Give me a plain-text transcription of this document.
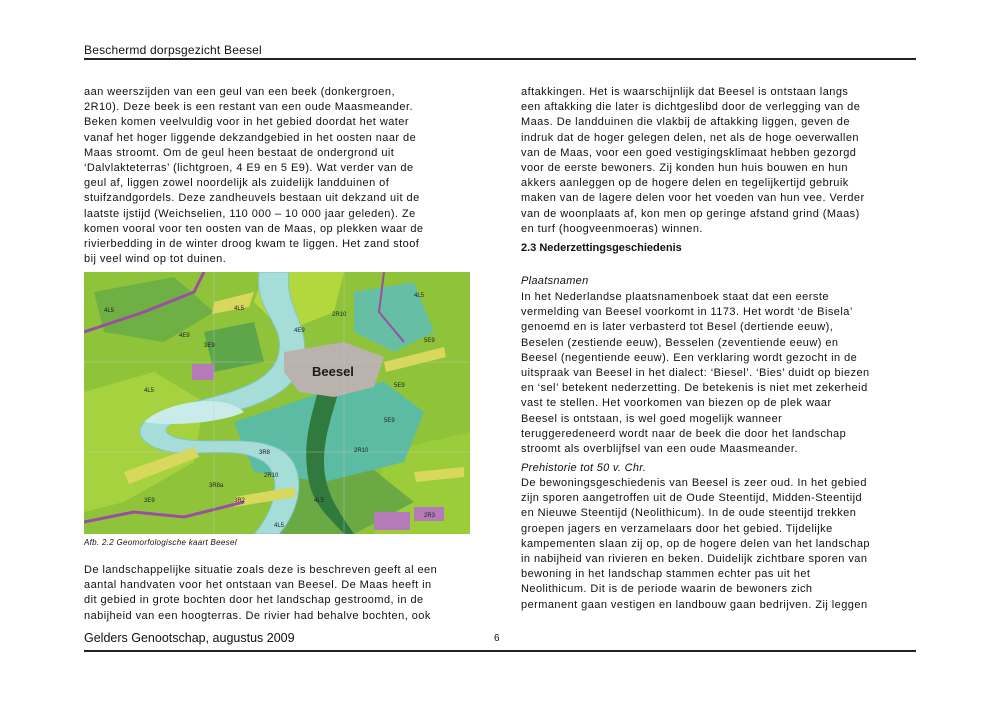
Beschermd dorpsgezicht Beesel

aan weerszijden van een geul van een beek (donkergroen,
2R10). Deze beek is een restant van een oude Maasmeander.
Beken komen veelvuldig voor in het gebied doordat het water
vanaf het hoger liggende dekzandgebied in het oosten naar de
Maas stroomt. Om de geul heen bestaat de ondergrond uit
‘Dalvlakteterras’ (lichtgroen, 4 E9 en 5 E9). Wat verder van de
geul af, liggen zowel noordelijk als zuidelijk landduinen of
stuifzandgordels. Deze zandheuvels bestaan uit dekzand uit de
laatste ijstijd (Weichselien, 110 000 – 10 000 jaar geleden). Ze
komen vooral voor ten oosten van de Maas, op plekken waar de
rivierbedding in de winter droog kwam te liggen. Het zand stoof
bij veel wind op tot duinen.

Beesel
4L5
2R10
4E9
5E9
3R8
4L5
3R2
2R10
3E9
4L5
2R10
4L5
5E9
4E9
3R8a
4L5
5E9
2R3
3E9	4L5
Afb. 2.2 Geomorfologische kaart Beesel

De landschappelijke situatie zoals deze is beschreven geeft al een
aantal handvaten voor het ontstaan van Beesel. De Maas heeft in
dit gebied in grote bochten door het landschap gestroomd, in de
nabijheid van een hoogterras. De rivier had behalve bochten, ook

aftakkingen. Het is waarschijnlijk dat Beesel is ontstaan langs
een aftakking die later is dichtgeslibd door de verlegging van de
Maas. De landduinen die vlakbij de aftakking liggen, geven de
indruk dat de hoger gelegen delen, net als de hoge oeverwallen
van de Maas, voor een goed vestigingsklimaat hebben gezorgd
voor de eerste bewoners. Zij konden hun huis bouwen en hun
akkers aanleggen op de hogere delen en tegelijkertijd gebruik
maken van de lagere delen voor het voeden van hun vee. Verder
van de woonplaats af, kon men op geringe afstand grind (Maas)
en turf (hoogveenmoeras) winnen.

2.3 Nederzettingsgeschiedenis
Plaatsnamen

In het Nederlandse plaatsnamenboek staat dat een eerste
vermelding van Beesel voorkomt in 1173. Het wordt ‘de Bisela’
genoemd en is later verbasterd tot Besel (dertiende eeuw),
Beselen (zestiende eeuw), Besselen (zeventiende eeuw) en
Beesel (negentiende eeuw). Een verklaring wordt gezocht in de
uitspraak van Beesel in het dialect: ‘Biesel’. ‘Bies’ duidt op biezen
en ‘sel’ betekent nederzetting. De betekenis is niet met zekerheid
vast te stellen. Het voorkomen van biezen op de plek waar
Beesel is ontstaan, is wel goed mogelijk wanneer
teruggeredeneerd wordt naar de beek die door het landschap
stroomt als overblijfsel van een oude Maasmeander.

Prehistorie tot 50 v. Chr.

De bewoningsgeschiedenis van Beesel is zeer oud. In het gebied
zijn sporen aangetroffen uit de Oude Steentijd, Midden-Steentijd
en Nieuwe Steentijd (Neolithicum). In de oude steentijd trekken
groepen jagers en verzamelaars door het gebied. Tijdelijke
kampementen slaan zij op, op de hogere delen van het landschap
in nabijheid van rivieren en beken. Duidelijk zichtbare sporen van
bewoning in het landschap stammen echter pas uit het
Neolithicum. Dit is de periode waarin de bewoners zich
permanent gaan vestigen en landbouw gaan bedrijven. Zij leggen

Gelders Genootschap, augustus 2009	6
